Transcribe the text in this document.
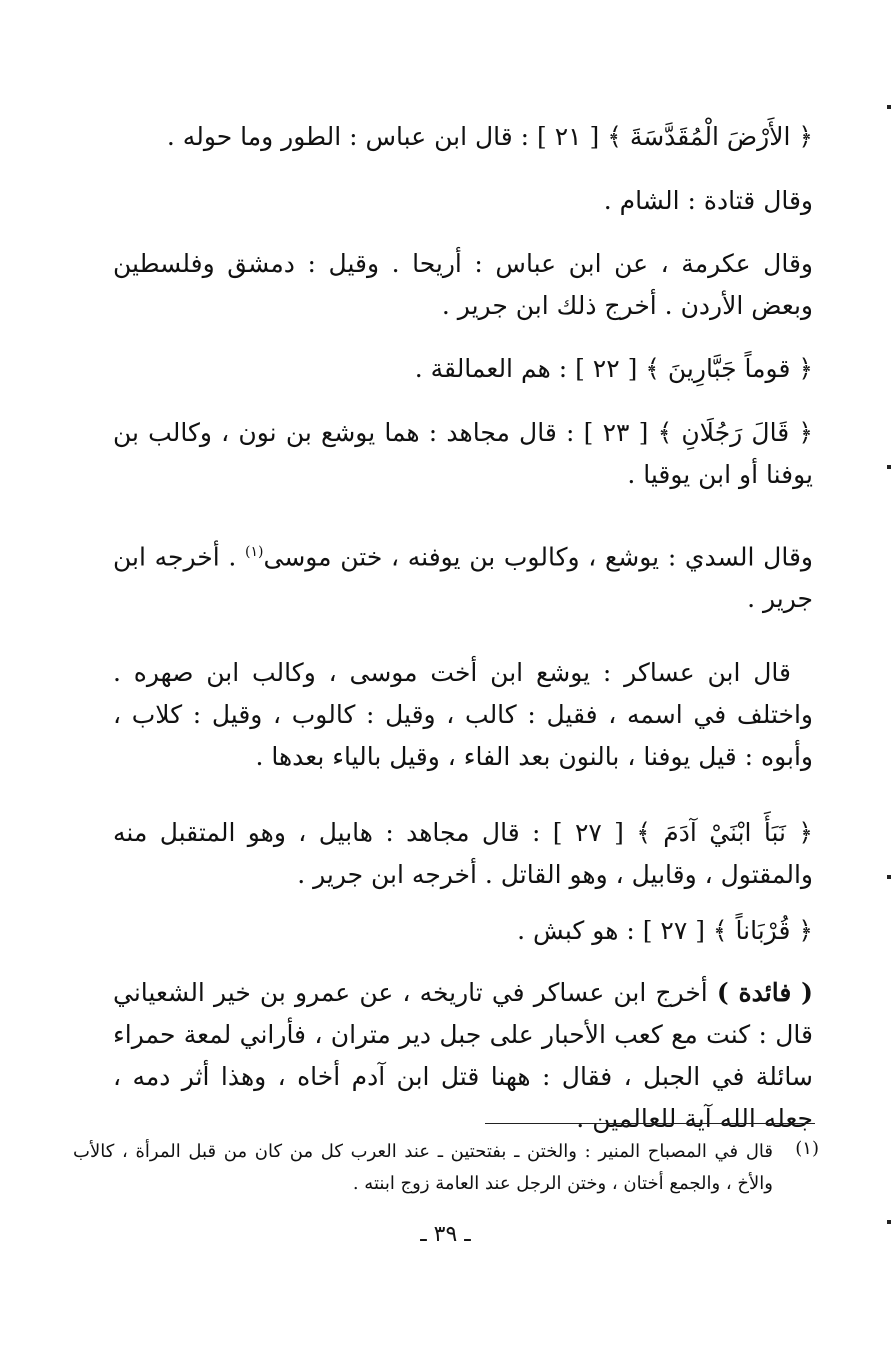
﴿ الأَرْضَ الْمُقَدَّسَةَ ﴾ [ ٢١ ] : قال ابن عباس : الطور وما حوله .

وقال قتادة : الشام .

وقال عكرمة ، عن ابن عباس : أريحا . وقيل : دمشق وفلسطين وبعض الأردن . أخرج ذلك ابن جرير .

﴿ قوماً جَبَّارِينَ ﴾ [ ٢٢ ] : هم العمالقة .

﴿ قَالَ رَجُلَانِ ﴾ [ ٢٣ ] : قال مجاهد : هما يوشع بن نون ، وكالب بن يوفنا أو ابن يوقيا .

وقال السدي : يوشع ، وكالوب بن يوفنه ، ختن موسى$^{(١)}$ . أخرجه ابن جرير .

قال ابن عساكر : يوشع ابن أخت موسى ، وكالب ابن صهره . واختلف في اسمه ، فقيل : كالب ، وقيل : كالوب ، وقيل : كلاب ، وأبوه : قيل يوفنا ، بالنون بعد الفاء ، وقيل بالياء بعدها .

﴿ نَبَأَ ابْنَيْ آدَمَ ﴾ [ ٢٧ ] : قال مجاهد : هابيل ، وهو المتقبل منه والمقتول ، وقابيل ، وهو القاتل . أخرجه ابن جرير .

﴿ قُرْبَاناً ﴾ [ ٢٧ ] : هو كبش .

( فائدة ) أخرج ابن عساكر في تاريخه ، عن عمرو بن خير الشعياني قال : كنت مع كعب الأحبار على جبل دير متران ، فأراني لمعة حمراء سائلة في الجبل ، فقال : ههنا قتل ابن آدم أخاه ، وهذا أثر دمه ، جعله الله آية للعالمين .

(١)

قال في المصباح المنير : والختن ـ بفتحتين ـ عند العرب كل من كان من قبل المرأة ، كالأب والأخ ، والجمع أختان ، وختن الرجل عند العامة زوج ابنته .

ـ ٣٩ ـ
